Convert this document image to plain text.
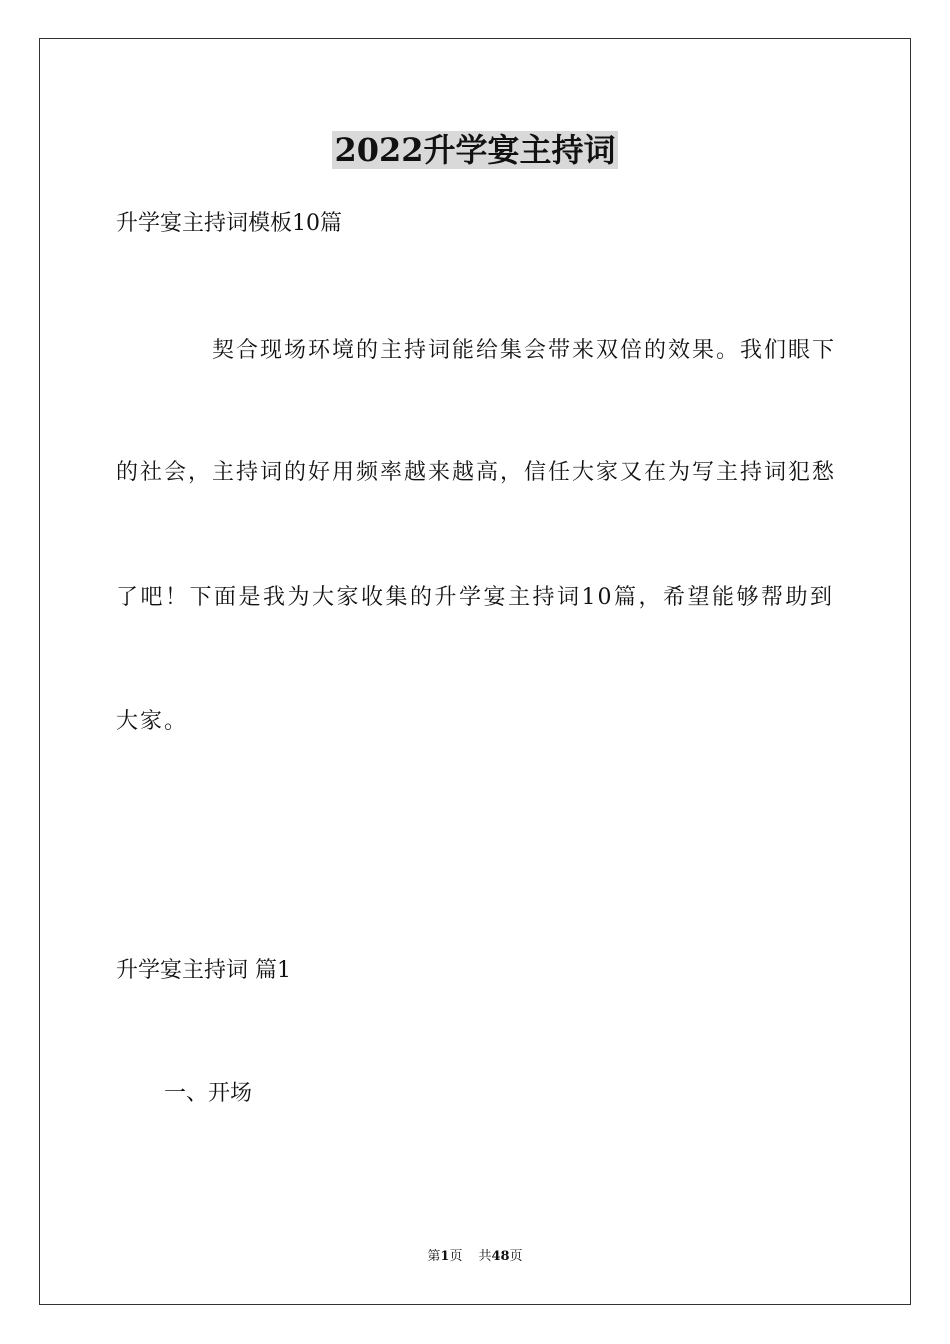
2022升学宴主持词
升学宴主持词模板10篇
契合现场环境的主持词能给集会带来双倍的效果。我们眼下
的社会，主持词的好用频率越来越高，信任大家又在为写主持词犯愁
了吧！下面是我为大家收集的升学宴主持词10篇，希望能够帮助到
大家。
升学宴主持词 篇1
一、开场
第1页 共48页
